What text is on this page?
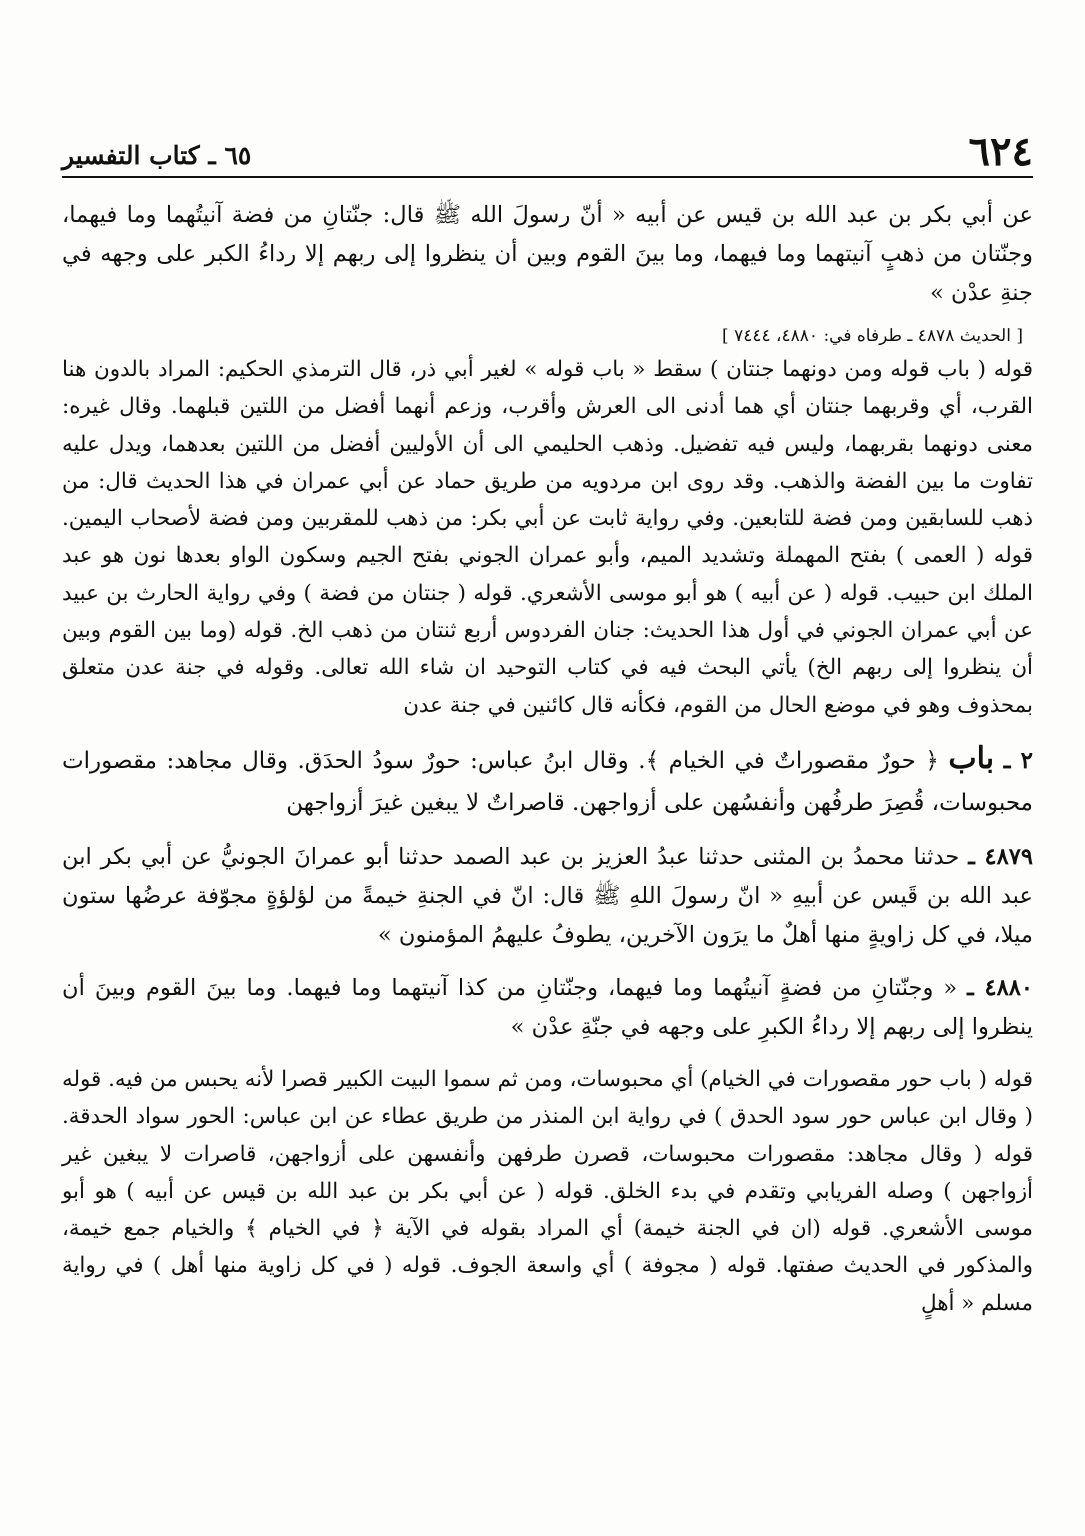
٦٢٤
٦٥ ـ كتاب التفسير

عن أبي بكر بن عبد الله بن قيس عن أبيه « أنّ رسولَ الله ﷺ قال: جنّتانِ من فضة آنيتُهما وما فيهما، وجنّتان من ذهبٍ آنيتهما وما فيهما، وما بينَ القوم وبين أن ينظروا إلى ربهم إلا رداءُ الكبر على وجهه في جنةِ عدْن »

[ الحديث ٤٨٧٨ ـ طرفاه في: ٤٨٨٠، ٧٤٤٤ ]

قوله ( باب قوله ومن دونهما جنتان ) سقط « باب قوله » لغير أبي ذر، قال الترمذي الحكيم: المراد بالدون هنا القرب، أي وقربهما جنتان أي هما أدنى الى العرش وأقرب، وزعم أنهما أفضل من اللتين قبلهما. وقال غيره: معنى دونهما بقربهما، وليس فيه تفضيل. وذهب الحليمي الى أن الأوليين أفضل من اللتين بعدهما، ويدل عليه تفاوت ما بين الفضة والذهب. وقد روى ابن مردويه من طريق حماد عن أبي عمران في هذا الحديث قال: من ذهب للسابقين ومن فضة للتابعين. وفي رواية ثابت عن أبي بكر: من ذهب للمقربين ومن فضة لأصحاب اليمين. قوله ( العمى ) بفتح المهملة وتشديد الميم، وأبو عمران الجوني بفتح الجيم وسكون الواو بعدها نون هو عبد الملك ابن حبيب. قوله ( عن أبيه ) هو أبو موسى الأشعري. قوله ( جنتان من فضة ) وفي رواية الحارث بن عبيد عن أبي عمران الجوني في أول هذا الحديث: جنان الفردوس أربع ثنتان من ذهب الخ. قوله (وما بين القوم وبين أن ينظروا إلى ربهم الخ) يأتي البحث فيه في كتاب التوحيد ان شاء الله تعالى. وقوله في جنة عدن متعلق بمحذوف وهو في موضع الحال من القوم، فكأنه قال كائنين في جنة عدن

٢ ـ باب ﴿ حورٌ مقصوراتٌ في الخيام ﴾. وقال ابنُ عباس: حورٌ سودُ الحدَق. وقال مجاهد: مقصورات محبوسات، قُصِرَ طرفُهن وأنفسُهن على أزواجهن. قاصراتٌ لا يبغين غيرَ أزواجهن

٤٨٧٩ ـ حدثنا محمدُ بن المثنى حدثنا عبدُ العزيز بن عبد الصمد حدثنا أبو عمرانَ الجونيُّ عن أبي بكر ابن عبد الله بن قَيس عن أبيهِ « انّ رسولَ اللهِ ﷺ قال: انّ في الجنةِ خيمةً من لؤلؤةٍ مجوّفة عرضُها ستون ميلا، في كل زاويةٍ منها أهلٌ ما يرَون الآخرين، يطوفُ عليهمُ المؤمنون »

٤٨٨٠ ـ « وجنّتانِ من فضةٍ آنيتُهما وما فيهما، وجنّتانِ من كذا آنيتهما وما فيهما. وما بينَ القوم وبينَ أن ينظروا إلى ربهم إلا رداءُ الكبرِ على وجهه في جنّةِ عدْن »

قوله ( باب حور مقصورات في الخيام) أي محبوسات، ومن ثم سموا البيت الكبير قصرا لأنه يحبس من فيه. قوله ( وقال ابن عباس حور سود الحدق ) في رواية ابن المنذر من طريق عطاء عن ابن عباس: الحور سواد الحدقة. قوله ( وقال مجاهد: مقصورات محبوسات، قصرن طرفهن وأنفسهن على أزواجهن، قاصرات لا يبغين غير أزواجهن ) وصله الفريابي وتقدم في بدء الخلق. قوله ( عن أبي بكر بن عبد الله بن قيس عن أبيه ) هو أبو موسى الأشعري. قوله (ان في الجنة خيمة) أي المراد بقوله في الآية ﴿ في الخيام ﴾ والخيام جمع خيمة، والمذكور في الحديث صفتها. قوله ( مجوفة ) أي واسعة الجوف. قوله ( في كل زاوية منها أهل ) في رواية مسلم « أهلٍ
